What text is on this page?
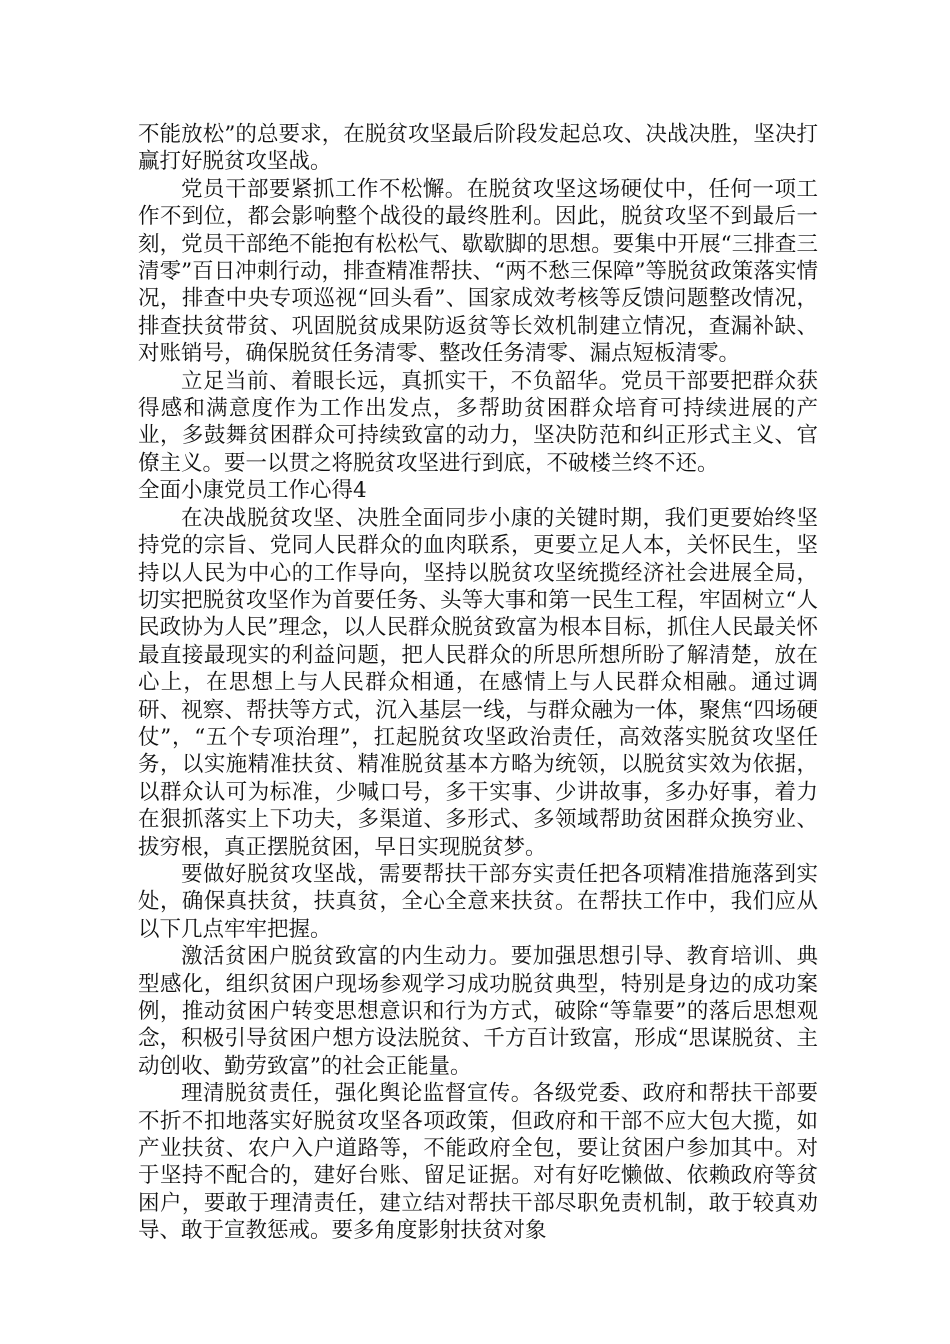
不能放松”的总要求，在脱贫攻坚最后阶段发起总攻、决战决胜，坚决打赢打好脱贫攻坚战。

党员干部要紧抓工作不松懈。在脱贫攻坚这场硬仗中，任何一项工作不到位，都会影响整个战役的最终胜利。因此，脱贫攻坚不到最后一刻，党员干部绝不能抱有松松气、歇歇脚的思想。要集中开展“三排查三清零”百日冲刺行动，排查精准帮扶、“两不愁三保障”等脱贫政策落实情况，排查中央专项巡视“回头看”、国家成效考核等反馈问题整改情况，排查扶贫带贫、巩固脱贫成果防返贫等长效机制建立情况，查漏补缺、对账销号，确保脱贫任务清零、整改任务清零、漏点短板清零。

立足当前、着眼长远，真抓实干，不负韶华。党员干部要把群众获得感和满意度作为工作出发点，多帮助贫困群众培育可持续进展的产业，多鼓舞贫困群众可持续致富的动力，坚决防范和纠正形式主义、官僚主义。要一以贯之将脱贫攻坚进行到底，不破楼兰终不还。

全面小康党员工作心得4

在决战脱贫攻坚、决胜全面同步小康的关键时期，我们更要始终坚持党的宗旨、党同人民群众的血肉联系，更要立足人本，关怀民生，坚持以人民为中心的工作导向，坚持以脱贫攻坚统揽经济社会进展全局，切实把脱贫攻坚作为首要任务、头等大事和第一民生工程，牢固树立“人民政协为人民”理念，以人民群众脱贫致富为根本目标，抓住人民最关怀最直接最现实的利益问题，把人民群众的所思所想所盼了解清楚，放在心上，在思想上与人民群众相通，在感情上与人民群众相融。通过调研、视察、帮扶等方式，沉入基层一线，与群众融为一体，聚焦“四场硬仗”，“五个专项治理”，扛起脱贫攻坚政治责任，高效落实脱贫攻坚任务，以实施精准扶贫、精准脱贫基本方略为统领，以脱贫实效为依据，以群众认可为标准，少喊口号，多干实事、少讲故事，多办好事，着力在狠抓落实上下功夫，多渠道、多形式、多领域帮助贫困群众换穷业、拔穷根，真正摆脱贫困，早日实现脱贫梦。

要做好脱贫攻坚战，需要帮扶干部夯实责任把各项精准措施落到实处，确保真扶贫，扶真贫，全心全意来扶贫。在帮扶工作中，我们应从以下几点牢牢把握。

激活贫困户脱贫致富的内生动力。要加强思想引导、教育培训、典型感化，组织贫困户现场参观学习成功脱贫典型，特别是身边的成功案例，推动贫困户转变思想意识和行为方式，破除“等靠要”的落后思想观念，积极引导贫困户想方设法脱贫、千方百计致富，形成“思谋脱贫、主动创收、勤劳致富”的社会正能量。

理清脱贫责任，强化舆论监督宣传。各级党委、政府和帮扶干部要不折不扣地落实好脱贫攻坚各项政策，但政府和干部不应大包大揽，如产业扶贫、农户入户道路等，不能政府全包，要让贫困户参加其中。对于坚持不配合的，建好台账、留足证据。对有好吃懒做、依赖政府等贫困户，要敢于理清责任，建立结对帮扶干部尽职免责机制，敢于较真劝导、敢于宣教惩戒。要多角度影射扶贫对象
